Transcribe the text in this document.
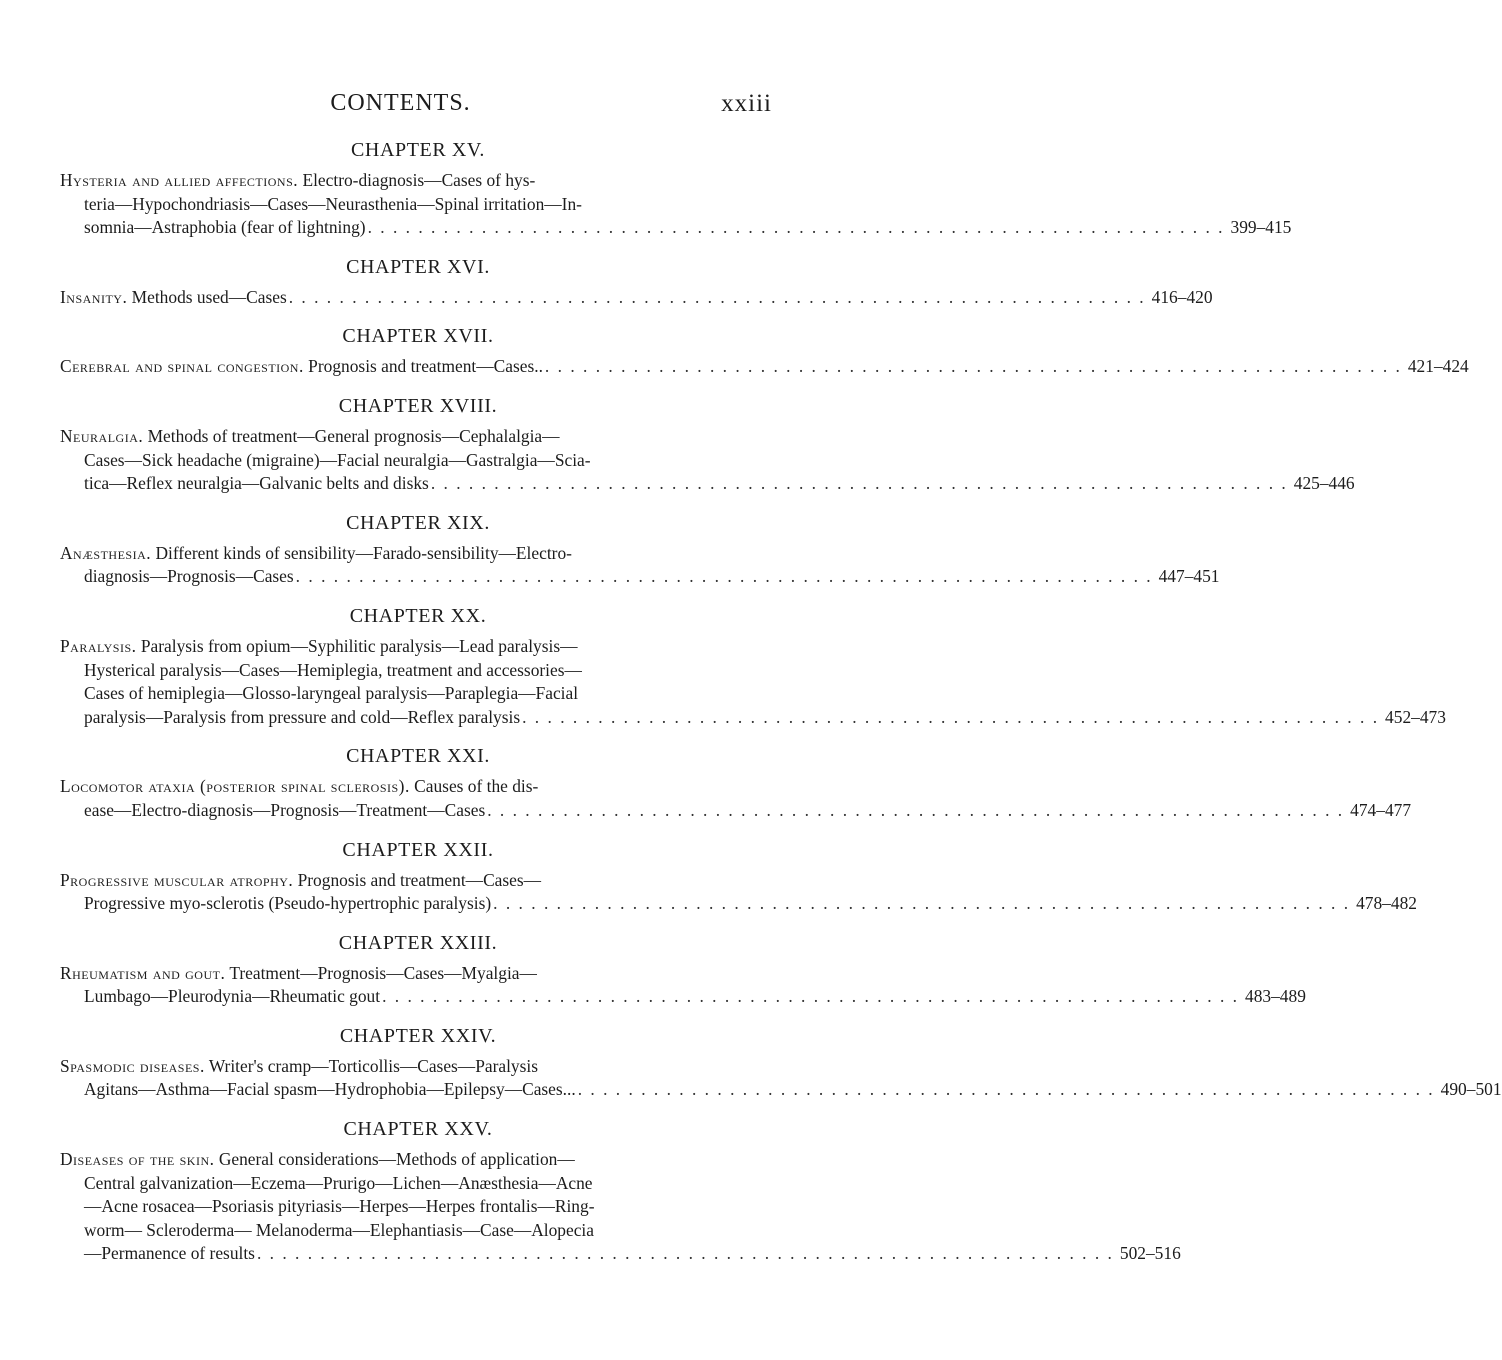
CONTENTS.	xxiii
CHAPTER XV.
Hysteria and allied affections. Electro-diagnosis—Cases of hys-
teria—Hypochondriasis—Cases—Neurasthenia—Spinal irritation—In-
somnia—Astraphobia (fear of lightning) . . . . . . . . . . . . . . . . . . . . . . . . . . . . . . . . . . . . . . . . . . . . . . . . . . . . . . . . . . . . . . . . . . . . 399–415
CHAPTER XVI.
Insanity. Methods used—Cases . . . . . . . . . . . . . . . . . . . . . . . . . . . . . . . . . . . . . . . . . . . . . . . . . . . . . . . . . . . . . . . . . . . . 416–420
CHAPTER XVII.
Cerebral and spinal congestion. Prognosis and treatment—Cases.. . . . . . . . . . . . . . . . . . . . . . . . . . . . . . . . . . . . . . . . . . . . . . . . . . . . . . . . . . . . . . . . . . . . . 421–424
CHAPTER XVIII.
Neuralgia. Methods of treatment—General prognosis—Cephalalgia—
Cases—Sick headache (migraine)—Facial neuralgia—Gastralgia—Scia-
tica—Reflex neuralgia—Galvanic belts and disks . . . . . . . . . . . . . . . . . . . . . . . . . . . . . . . . . . . . . . . . . . . . . . . . . . . . . . . . . . . . . . . . . . . . 425–446
CHAPTER XIX.
Anæsthesia. Different kinds of sensibility—Farado-sensibility—Electro-
diagnosis—Prognosis—Cases . . . . . . . . . . . . . . . . . . . . . . . . . . . . . . . . . . . . . . . . . . . . . . . . . . . . . . . . . . . . . . . . . . . . 447–451
CHAPTER XX.
Paralysis. Paralysis from opium—Syphilitic paralysis—Lead paralysis—
Hysterical paralysis—Cases—Hemiplegia, treatment and accessories—
Cases of hemiplegia—Glosso-laryngeal paralysis—Paraplegia—Facial
paralysis—Paralysis from pressure and cold—Reflex paralysis . . . . . . . . . . . . . . . . . . . . . . . . . . . . . . . . . . . . . . . . . . . . . . . . . . . . . . . . . . . . . . . . . . . . 452–473
CHAPTER XXI.
Locomotor ataxia (posterior spinal sclerosis). Causes of the dis-
ease—Electro-diagnosis—Prognosis—Treatment—Cases . . . . . . . . . . . . . . . . . . . . . . . . . . . . . . . . . . . . . . . . . . . . . . . . . . . . . . . . . . . . . . . . . . . . 474–477
CHAPTER XXII.
Progressive muscular atrophy. Prognosis and treatment—Cases—
Progressive myo-sclerotis (Pseudo-hypertrophic paralysis) . . . . . . . . . . . . . . . . . . . . . . . . . . . . . . . . . . . . . . . . . . . . . . . . . . . . . . . . . . . . . . . . . . . . 478–482
CHAPTER XXIII.
Rheumatism and gout. Treatment—Prognosis—Cases—Myalgia—
Lumbago—Pleurodynia—Rheumatic gout . . . . . . . . . . . . . . . . . . . . . . . . . . . . . . . . . . . . . . . . . . . . . . . . . . . . . . . . . . . . . . . . . . . . 483–489
CHAPTER XXIV.
Spasmodic diseases. Writer's cramp—Torticollis—Cases—Paralysis
Agitans—Asthma—Facial spasm—Hydrophobia—Epilepsy—Cases... . . . . . . . . . . . . . . . . . . . . . . . . . . . . . . . . . . . . . . . . . . . . . . . . . . . . . . . . . . . . . . . . . . . . 490–501
CHAPTER XXV.
Diseases of the skin. General considerations—Methods of application—
Central galvanization—Eczema—Prurigo—Lichen—Anæsthesia—Acne
—Acne rosacea—Psoriasis pityriasis—Herpes—Herpes frontalis—Ring-
worm— Scleroderma— Melanoderma—Elephantiasis—Case—Alopecia
—Permanence of results . . . . . . . . . . . . . . . . . . . . . . . . . . . . . . . . . . . . . . . . . . . . . . . . . . . . . . . . . . . . . . . . . . . . 502–516
